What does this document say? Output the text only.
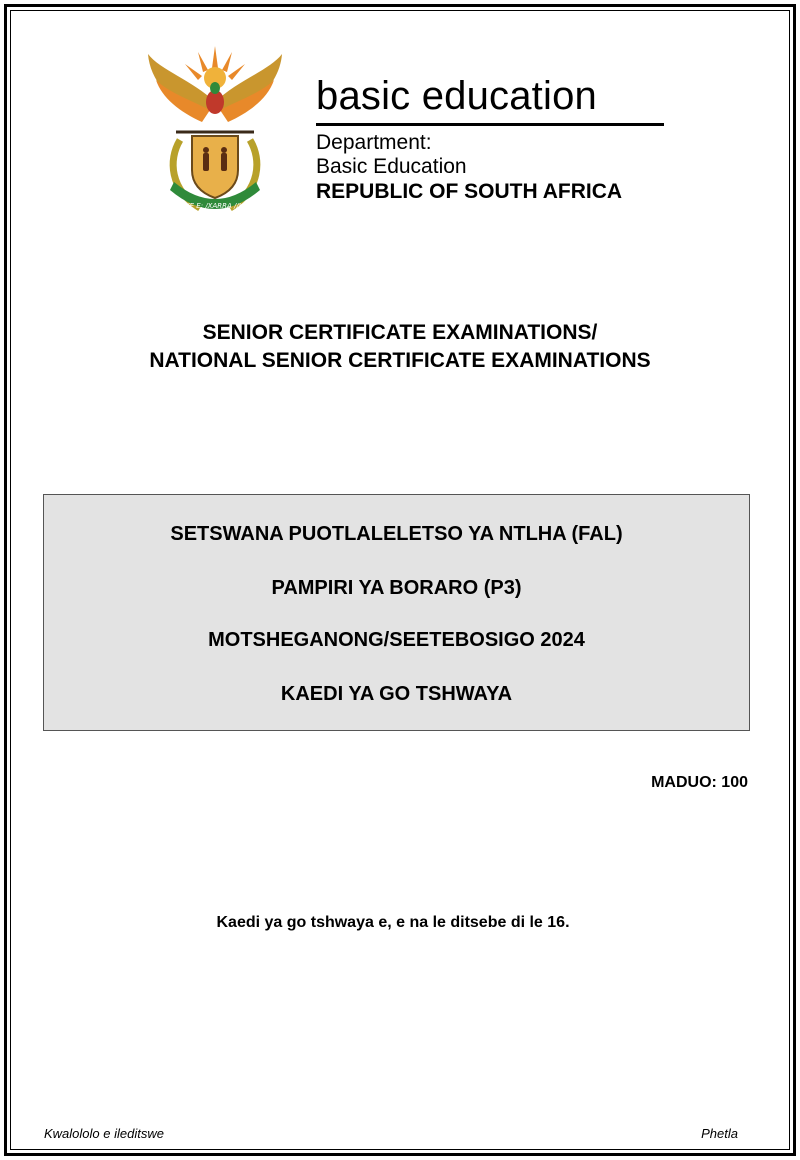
!KE E: /XARRA //KE
basic education
Department:
Basic Education
REPUBLIC OF SOUTH AFRICA
SENIOR CERTIFICATE EXAMINATIONS/
NATIONAL SENIOR CERTIFICATE EXAMINATIONS
SETSWANA PUOTLALELETSO YA NTLHA (FAL)
PAMPIRI YA BORARO (P3)
MOTSHEGANONG/SEETEBOSIGO 2024
KAEDI YA GO TSHWAYA
MADUO: 100
Kaedi ya go tshwaya e, e na le ditsebe di le 16.
Kwalololo e ileditswe	Phetla
